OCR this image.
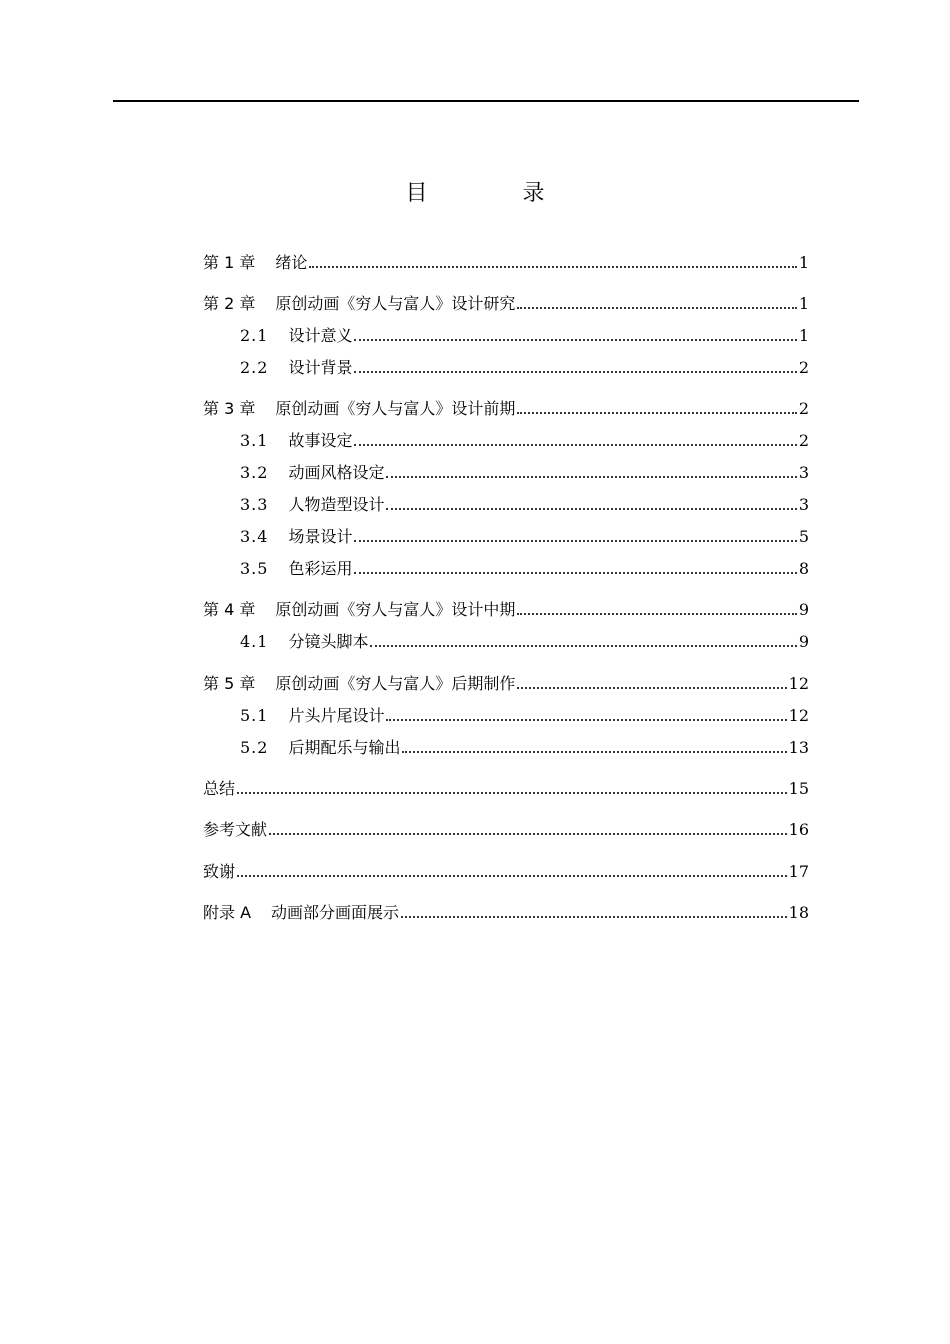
目 录
第 1 章 绪论	1
第 2 章 原创动画《穷人与富人》设计研究	1
2.1 设计意义	1
2.2 设计背景	2
第 3 章 原创动画《穷人与富人》设计前期	2
3.1 故事设定	2
3.2 动画风格设定	3
3.3 人物造型设计	3
3.4 场景设计	5
3.5 色彩运用	8
第 4 章 原创动画《穷人与富人》设计中期	9
4.1 分镜头脚本	9
第 5 章 原创动画《穷人与富人》后期制作	12
5.1 片头片尾设计	12
5.2 后期配乐与输出	13
总结	15
参考文献	16
致谢	17
附录 A 动画部分画面展示	18
